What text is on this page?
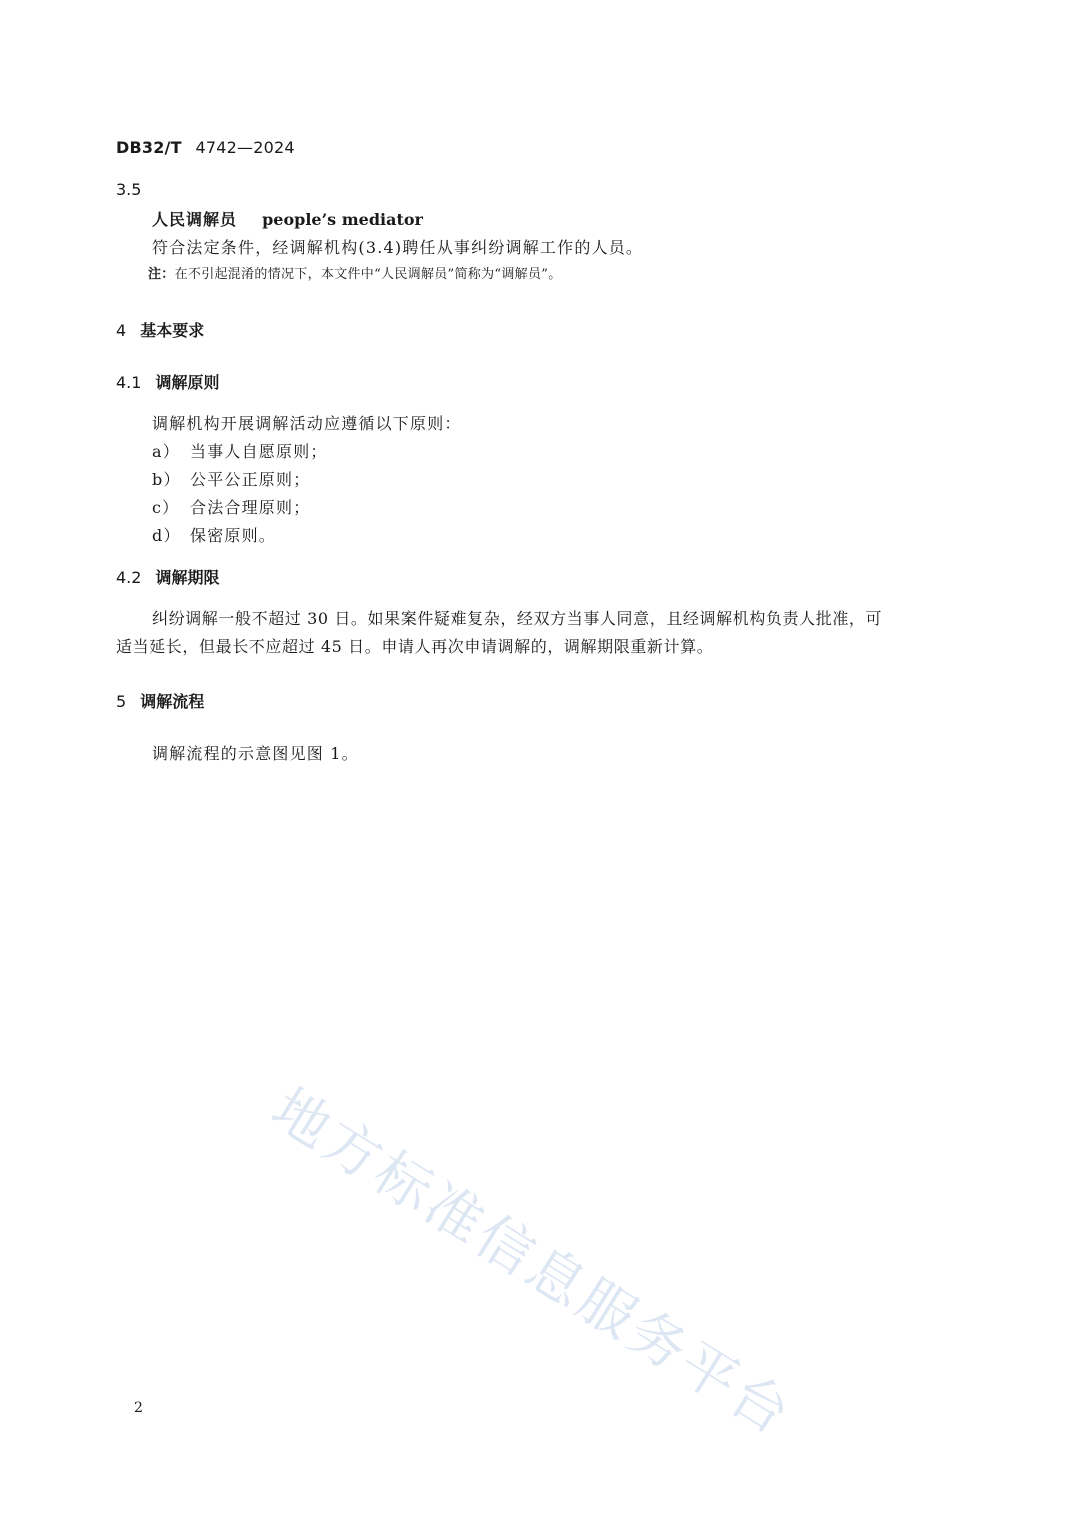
DB32/T 4742—2024
3.5
人民调解员 people’s mediator
符合法定条件，经调解机构(3.4)聘任从事纠纷调解工作的人员。
注：在不引起混淆的情况下，本文件中“人民调解员”简称为“调解员”。
4 基本要求
4.1 调解原则
调解机构开展调解活动应遵循以下原则：
a） 当事人自愿原则；
b） 公平公正原则；
c） 合法合理原则；
d） 保密原则。
4.2 调解期限
纠纷调解一般不超过 30 日。如果案件疑难复杂，经双方当事人同意，且经调解机构负责人批准，可
适当延长，但最长不应超过 45 日。申请人再次申请调解的，调解期限重新计算。
5 调解流程
调解流程的示意图见图 1。
地方标准信息服务平台
2
